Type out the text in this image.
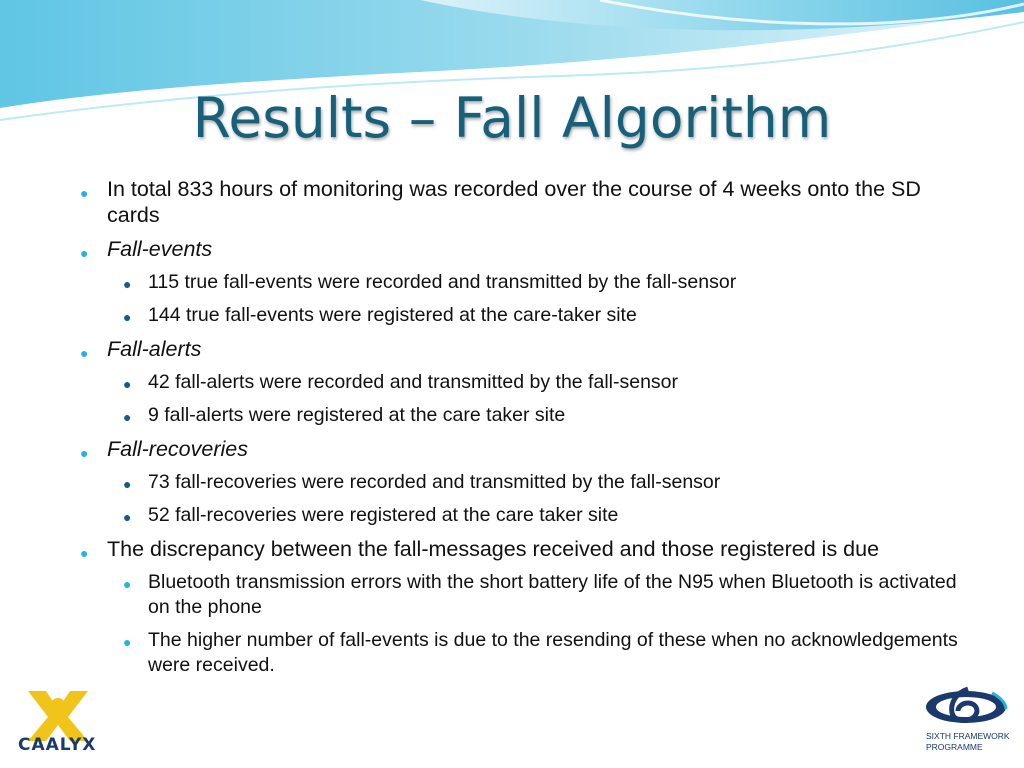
Results – Fall Algorithm
● In total 833 hours of monitoring was recorded over the course of 4 weeks onto the SD cards
● Fall-events
● 115 true fall-events were recorded and transmitted by the fall-sensor
● 144 true fall-events were registered at the care-taker site
● Fall-alerts
● 42 fall-alerts were recorded and transmitted by the fall-sensor
● 9 fall-alerts were registered at the care taker site
● Fall-recoveries
● 73 fall-recoveries were recorded and transmitted by the fall-sensor
● 52 fall-recoveries were registered at the care taker site
● The discrepancy between the fall-messages received and those registered is due
● Bluetooth transmission errors with the short battery life of the N95 when Bluetooth is activated on the phone
● The higher number of fall-events is due to the resending of these when no acknowledgements were received.
CAALYX	SIXTH FRAMEWORK PROGRAMME
